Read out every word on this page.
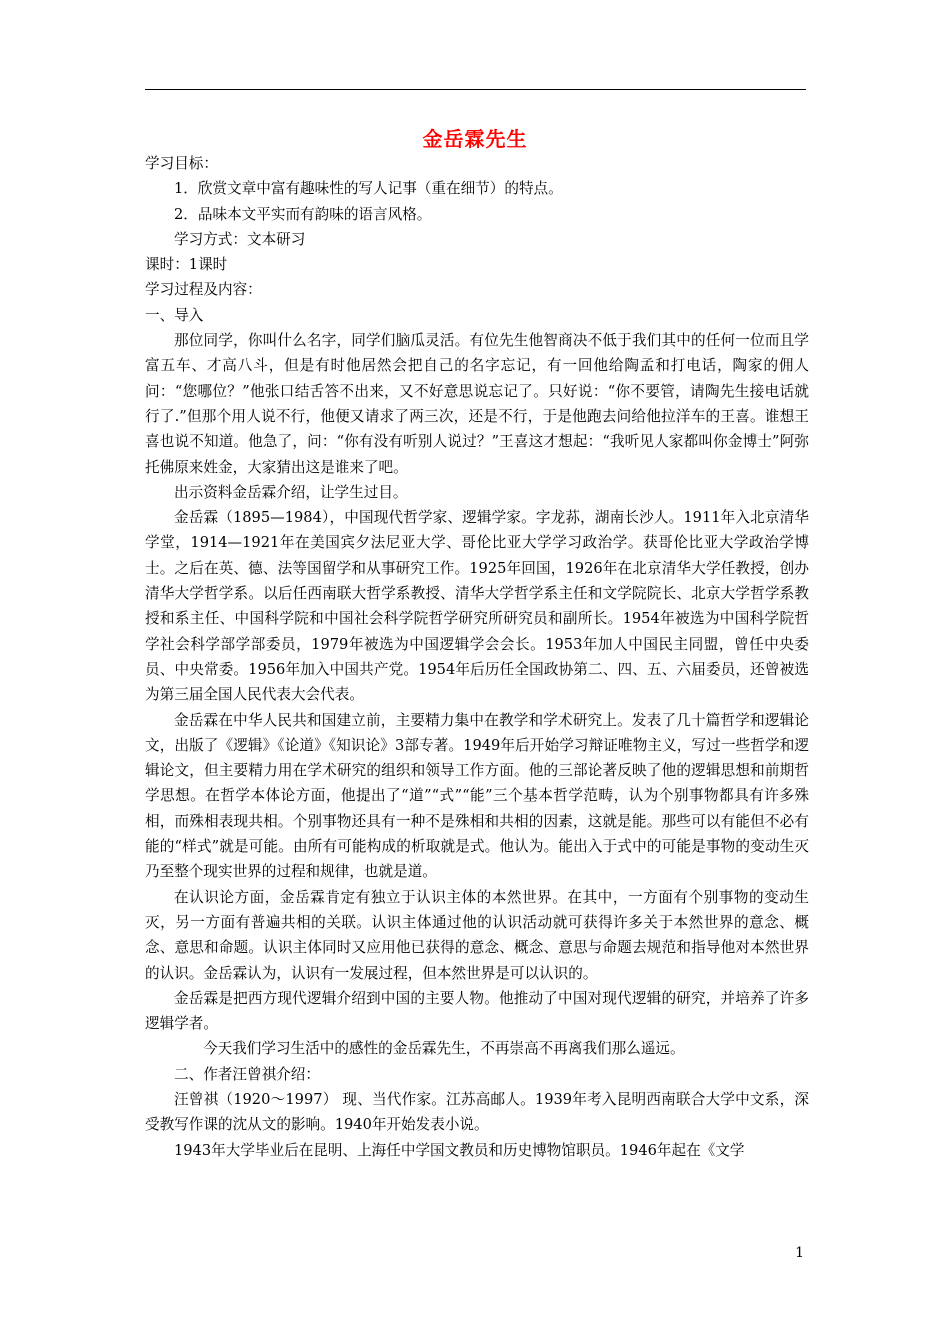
金岳霖先生

学习目标：

1．欣赏文章中富有趣味性的写人记事（重在细节）的特点。

2．品味本文平实而有韵味的语言风格。

学习方式：文本研习

课时：1课时

学习过程及内容：

一、导入

那位同学，你叫什么名字，同学们脑瓜灵活。有位先生他智商决不低于我们其中的任何一位而且学富五车、才高八斗，但是有时他居然会把自己的名字忘记，有一回他给陶孟和打电话，陶家的佣人问：“您哪位？”他张口结舌答不出来，又不好意思说忘记了。只好说：“你不要管，请陶先生接电话就行了.”但那个用人说不行，他便又请求了两三次，还是不行，于是他跑去问给他拉洋车的王喜。谁想王喜也说不知道。他急了，问：“你有没有听别人说过？”王喜这才想起：“我听见人家都叫你金博士”阿弥托佛原来姓金，大家猜出这是谁来了吧。

出示资料金岳霖介绍，让学生过目。

金岳霖（1895—1984），中国现代哲学家、逻辑学家。字龙荪，湖南长沙人。1911年入北京清华学堂，1914—1921年在美国宾夕法尼亚大学、哥伦比亚大学学习政治学。获哥伦比亚大学政治学博士。之后在英、德、法等国留学和从事研究工作。1925年回国，1926年在北京清华大学任教授，创办清华大学哲学系。以后任西南联大哲学系教授、清华大学哲学系主任和文学院院长、北京大学哲学系教授和系主任、中国科学院和中国社会科学院哲学研究所研究员和副所长。1954年被选为中国科学院哲学社会科学部学部委员，1979年被选为中国逻辑学会会长。1953年加人中国民主同盟，曾任中央委员、中央常委。1956年加入中国共产党。1954年后历任全国政协第二、四、五、六届委员，还曾被选为第三届全国人民代表大会代表。

金岳霖在中华人民共和国建立前，主要精力集中在教学和学术研究上。发表了几十篇哲学和逻辑论文，出版了《逻辑》《论道》《知识论》3部专著。1949年后开始学习辩证唯物主义，写过一些哲学和逻辑论文，但主要精力用在学术研究的组织和领导工作方面。他的三部论著反映了他的逻辑思想和前期哲学思想。在哲学本体论方面，他提出了“道”“式”“能”三个基本哲学范畴，认为个别事物都具有许多殊相，而殊相表现共相。个别事物还具有一种不是殊相和共相的因素，这就是能。那些可以有能但不必有能的“样式”就是可能。由所有可能构成的析取就是式。他认为。能出入于式中的可能是事物的变动生灭乃至整个现实世界的过程和规律，也就是道。

在认识论方面，金岳霖肯定有独立于认识主体的本然世界。在其中，一方面有个别事物的变动生灭，另一方面有普遍共相的关联。认识主体通过他的认识活动就可获得许多关于本然世界的意念、概念、意思和命题。认识主体同时又应用他已获得的意念、概念、意思与命题去规范和指导他对本然世界的认识。金岳霖认为，认识有一发展过程，但本然世界是可以认识的。

金岳霖是把西方现代逻辑介绍到中国的主要人物。他推动了中国对现代逻辑的研究，并培养了许多逻辑学者。

今天我们学习生活中的感性的金岳霖先生，不再崇高不再离我们那么遥远。

二、作者汪曾祺介绍：

汪曾祺（1920～1997） 现、当代作家。江苏高邮人。1939年考入昆明西南联合大学中文系，深受教写作课的沈从文的影响。1940年开始发表小说。

1943年大学毕业后在昆明、上海任中学国文教员和历史博物馆职员。1946年起在《文学

1
